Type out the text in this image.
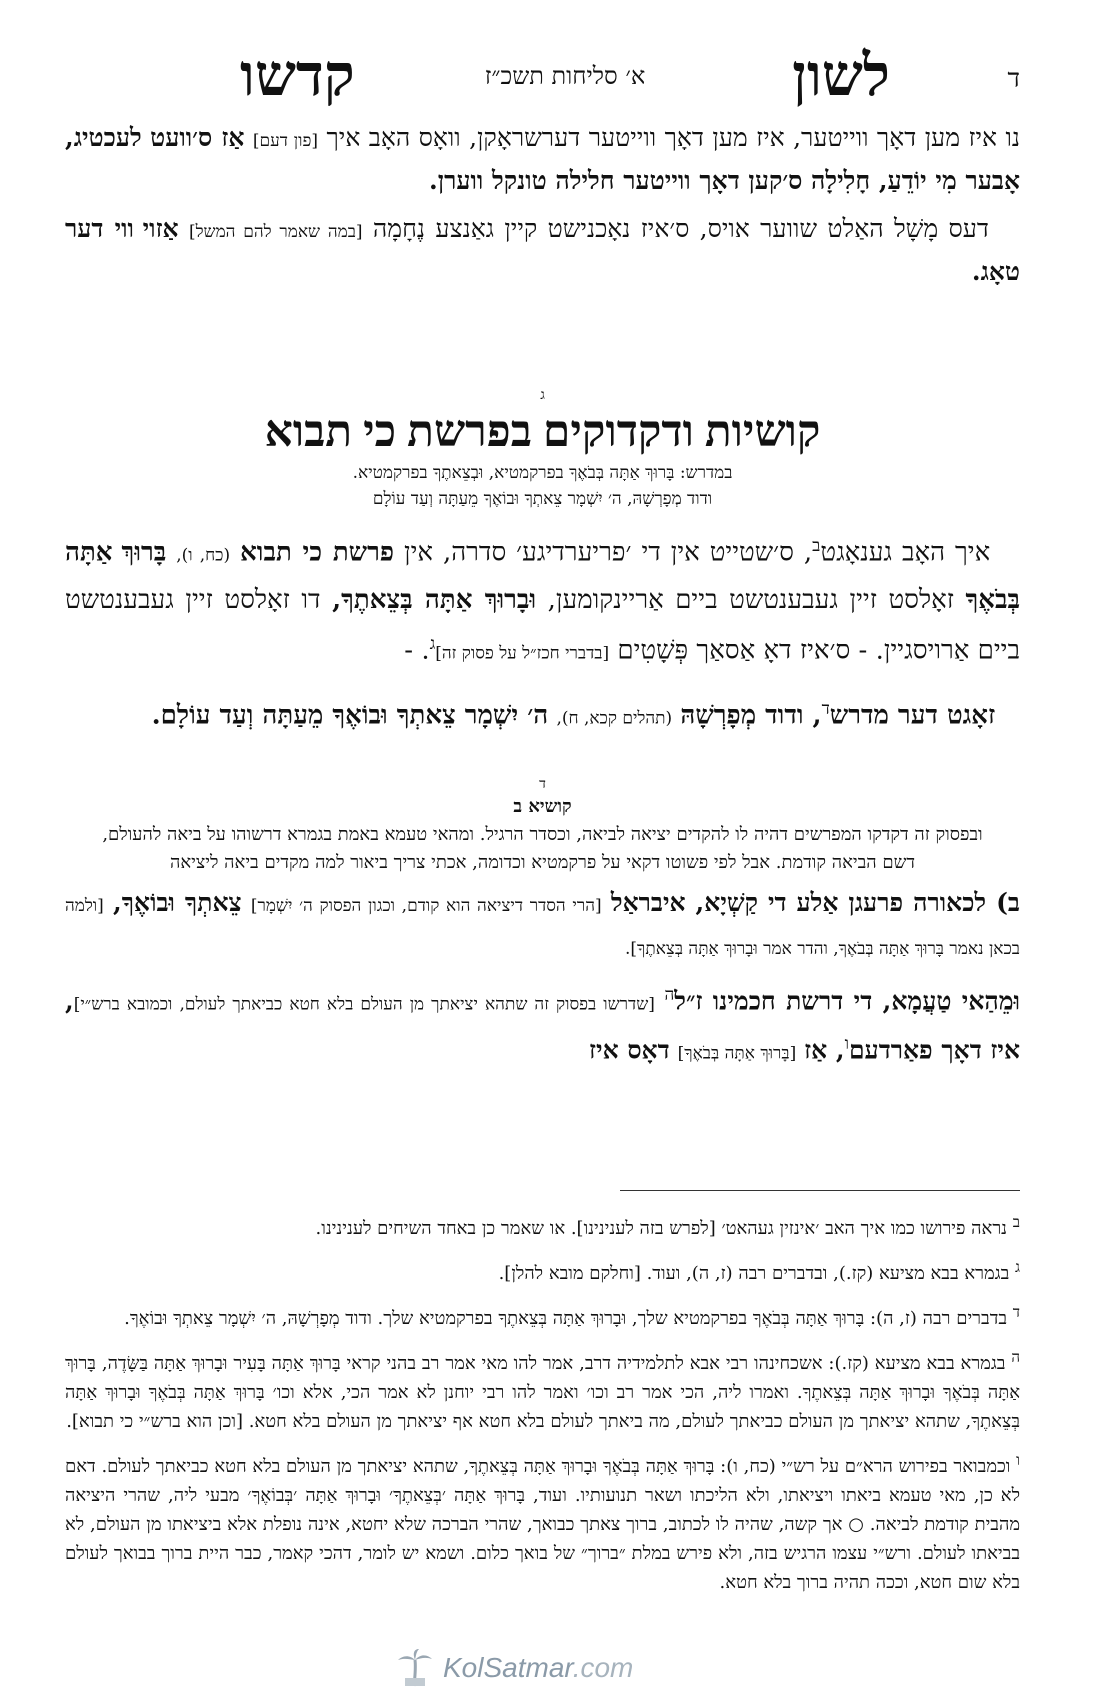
ד
לשון
א׳ סליחות תשכ״ז
קדשו

נו איז מען דאָך ווייטער, איז מען דאָך ווייטער דערשראָקן, וואָס האָב איך [פון דעם] אַז ס׳וועט לעכטיג, אָבער מִי יוֹדֵעַ, חָלִילָה ס׳קען דאָך ווייטער חלילה טונקל ווערן.

דעס מָשָׁל האַלט שווער אויס, ס׳איז נאָכנישט קיין גאַנצע נֶחָמָה [במה שאמר להם המשל] אַזוי ווי דער טאָג.

ג
קושיות ודקדוקים בפרשת כי תבוא
במדרש: בָּרוּךְ אַתָּה בְּבֹאֶךָ בפרקמטיא, וּבְצֵאתֶךָ בפרקמטיא.
ודוד מְפָרְשָׁהּ, ה׳ יִשְׁמָר צֵאתְךָ וּבוֹאֶךָ מֵעַתָּה וְעַד עוֹלָם

איך האָב גענאָגט$^ב$, ס׳שטייט אין די ׳פריערדיגע׳ סדרה, אין פרשת כי תבוא (כח, ו), בָּרוּךְ אַתָּה בְּבֹאֶךָ זאָלסט זיין געבענטשט ביים אַריינקומען, וּבָרוּךְ אַתָּה בְּצֵאתֶךָ, דו זאָלסט זיין געבענטשט ביים אַרויסגיין. - ס׳איז דאָ אַסאַך פְּשָׁטִים [בדברי חכז״ל על פסוק זה]$^ג$. -

זאָגט דער מדרש$^ד$, ודוד מְפָרְשָׁהּ (תהלים קכא, ח), ה׳ יִשְׁמָר צֵאתְךָ וּבוֹאֶךָ מֵעַתָּה וְעַד עוֹלָם.

ד
קושיא ב
ובפסוק זה דקדקו המפרשים דהיה לו להקדים יציאה לביאה, וכסדר הרגיל. ומהאי טעמא באמת בגמרא דרשוהו על ביאה להעולם, דשם הביאה קודמת. אבל לפי פשוטו דקאי על פרקמטיא וכדומה, אכתי צריך ביאור למה מקדים ביאה ליציאה

ב) לכאורה פרעגן אַלע די קַשְׁיָא, איבראַל [הרי הסדר דיציאה הוא קודם, וכגון הפסוק ה׳ יִשְׁמָר] צֵאתְךָ וּבוֹאֶךָ, [ולמה בכאן נאמר בָּרוּךְ אַתָּה בְּבֹאֶךָ, והדר אמר וּבָרוּךְ אַתָּה בְּצֵאתֶךָ].

וּמֵהַאי טַעֲמָא, די דרשת חכמינו ז״ל$^ה$ [שדרשו בפסוק זה שתהא יציאתך מן העולם בלא חטא כביאתך לעולם, וכמובא ברש״י], איז דאָך פאַרדעם$^ו$, אַז [בָּרוּךְ אַתָּה בְּבֹאֶךָ] דאָס איז

$^ב$ נראה פירושו כמו איך האב ׳אינזין געהאט׳ [לפרש בזה לענינינו]. או שאמר כן באחד השיחים לענינינו.
$^ג$ בגמרא בבא מציעא (קז.), ובדברים רבה (ז, ה), ועוד. [וחלקם מובא להלן].
$^ד$ בדברים רבה (ז, ה): בָּרוּךְ אַתָּה בְּבֹאֶךָ בפרקמטיא שלך, וּבָרוּךְ אַתָּה בְּצֵאתֶךָ בפרקמטיא שלך. ודוד מְפָרְשָׁהּ, ה׳ יִשְׁמָר צֵאתְךָ וּבוֹאֶךָ.
$^ה$ בגמרא בבא מציעא (קז.): אשכחינהו רבי אבא לתלמידיה דרב, אמר להו מאי אמר רב בהני קראי בָּרוּךְ אַתָּה בָּעִיר וּבָרוּךְ אַתָּה בַּשָּׂדֶה, בָּרוּךְ אַתָּה בְּבֹאֶךָ וּבָרוּךְ אַתָּה בְּצֵאתֶךָ. ואמרו ליה, הכי אמר רב וכו׳ ואמר להו רבי יוחנן לא אמר הכי, אלא וכו׳ בָּרוּךְ אַתָּה בְּבֹאֶךָ וּבָרוּךְ אַתָּה בְּצֵאתֶךָ, שתהא יציאתך מן העולם כביאתך לעולם, מה ביאתך לעולם בלא חטא אף יציאתך מן העולם בלא חטא. [וכן הוא ברש״י כי תבוא].
$^ו$ וכמבואר בפירוש הרא״ם על רש״י (כח, ו): בָּרוּךְ אַתָּה בְּבֹאֶךָ וּבָרוּךְ אַתָּה בְּצֵאתֶךָ, שתהא יציאתך מן העולם בלא חטא כביאתך לעולם. דאם לא כן, מאי טעמא ביאתו ויציאתו, ולא הליכתו ושאר תנועותיו. ועוד, בָּרוּךְ אַתָּה ׳בְּצֵאתֶךָ׳ וּבָרוּךְ אַתָּה ׳בְּבוֹאֶךָ׳ מבעי ליה, שהרי היציאה מהבית קודמת לביאה. ○ אך קשה, שהיה לו לכתוב, ברוך צאתך כבואך, שהרי הברכה שלא יחטא, אינה נופלת אלא ביציאתו מן העולם, לא בביאתו לעולם. ורש״י עצמו הרגיש בזה, ולא פירש במלת ״ברוך״ של בואך כלום. ושמא יש לומר, דהכי קאמר, כבר היית ברוך בבואך לעולם בלא שום חטא, וככה תהיה ברוך בלא חטא.
KolSatmar.com
